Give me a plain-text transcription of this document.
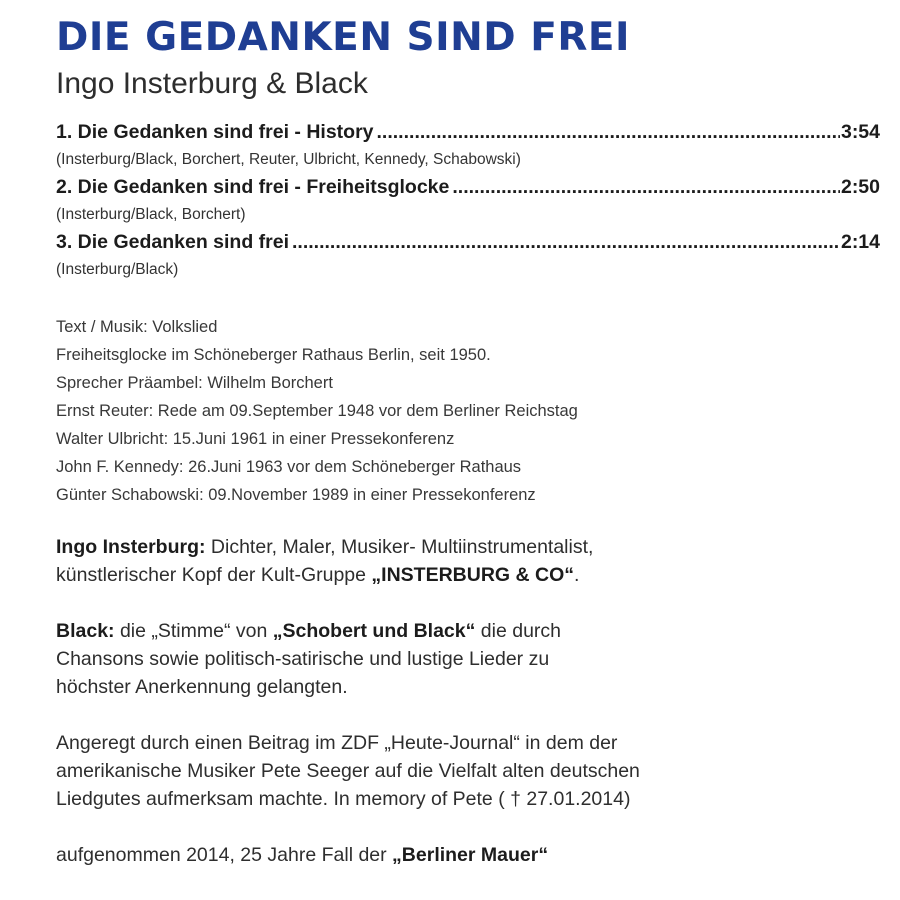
DIE GEDANKEN SIND FREI
Ingo Insterburg & Black
1. Die Gedanken sind frei - History .....	3:54
(Insterburg/Black, Borchert, Reuter, Ulbricht, Kennedy, Schabowski)
2. Die Gedanken sind frei - Freiheitsglocke .....	2:50
(Insterburg/Black, Borchert)
3. Die Gedanken sind frei .....	2:14
(Insterburg/Black)
Text / Musik: Volkslied
Freiheitsglocke im Schöneberger Rathaus Berlin, seit 1950.
Sprecher Präambel: Wilhelm Borchert
Ernst Reuter: Rede am 09.September 1948 vor dem Berliner Reichstag
Walter Ulbricht: 15.Juni 1961 in einer Pressekonferenz
John F. Kennedy: 26.Juni 1963 vor dem Schöneberger Rathaus
Günter Schabowski: 09.November 1989 in einer Pressekonferenz
Ingo Insterburg: Dichter, Maler, Musiker- Multiinstrumentalist,
künstlerischer Kopf der Kult-Gruppe „INSTERBURG & CO“.
Black: die „Stimme“ von „Schobert und Black“ die durch
Chansons sowie politisch-satirische und lustige Lieder zu
höchster Anerkennung gelangten.
Angeregt durch einen Beitrag im ZDF „Heute-Journal“ in dem der
amerikanische Musiker Pete Seeger auf die Vielfalt alten deutschen
Liedgutes aufmerksam machte. In memory of Pete ( † 27.01.2014)
aufgenommen 2014, 25 Jahre Fall der „Berliner Mauer“
